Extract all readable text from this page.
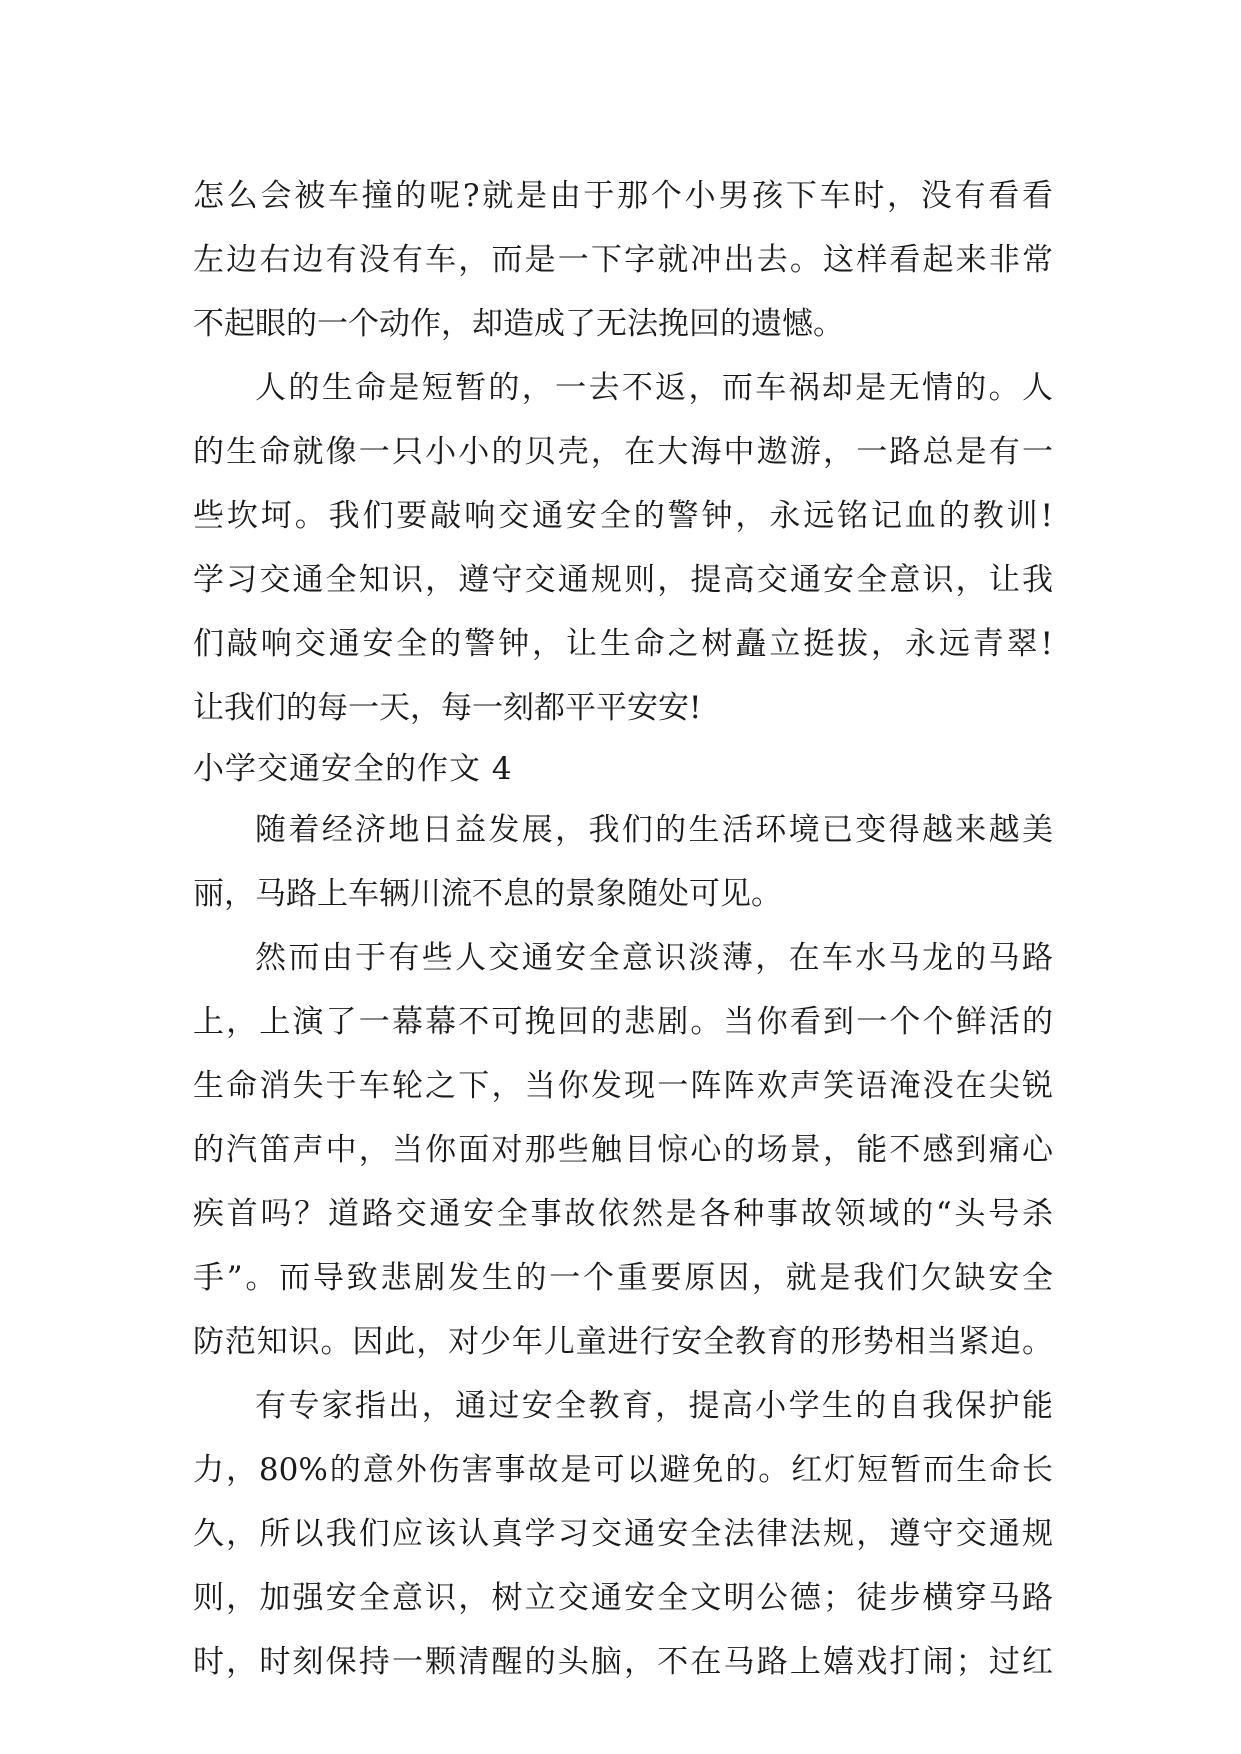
怎么会被车撞的呢?就是由于那个小男孩下车时，没有看看
左边右边有没有车，而是一下字就冲出去。这样看起来非常
不起眼的一个动作，却造成了无法挽回的遗憾。
人的生命是短暂的，一去不返，而车祸却是无情的。人
的生命就像一只小小的贝壳，在大海中遨游，一路总是有一
些坎坷。我们要敲响交通安全的警钟，永远铭记血的教训!
学习交通全知识，遵守交通规则，提高交通安全意识，让我
们敲响交通安全的警钟，让生命之树矗立挺拔，永远青翠!
让我们的每一天，每一刻都平平安安!
小学交通安全的作文 4
随着经济地日益发展，我们的生活环境已变得越来越美
丽，马路上车辆川流不息的景象随处可见。
然而由于有些人交通安全意识淡薄，在车水马龙的马路
上，上演了一幕幕不可挽回的悲剧。当你看到一个个鲜活的
生命消失于车轮之下，当你发现一阵阵欢声笑语淹没在尖锐
的汽笛声中，当你面对那些触目惊心的场景，能不感到痛心
疾首吗？道路交通安全事故依然是各种事故领域的“头号杀
手”。而导致悲剧发生的一个重要原因，就是我们欠缺安全
防范知识。因此，对少年儿童进行安全教育的形势相当紧迫。
有专家指出，通过安全教育，提高小学生的自我保护能
力，80%的意外伤害事故是可以避免的。红灯短暂而生命长
久，所以我们应该认真学习交通安全法律法规，遵守交通规
则，加强安全意识，树立交通安全文明公德；徒步横穿马路
时，时刻保持一颗清醒的头脑，不在马路上嬉戏打闹；过红
